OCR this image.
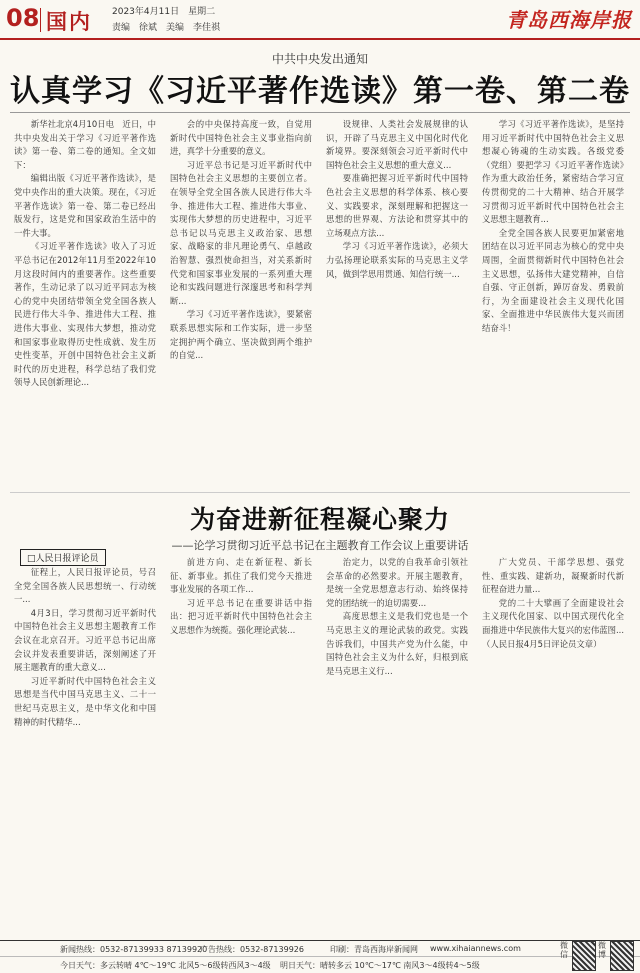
08 国内 2023年4月11日　星期二
责编　徐斌　美编　李佳祺	青岛西海岸报
中共中央发出通知
认真学习《习近平著作选读》第一卷、第二卷

新华社北京4月10日电　近日，中共中央发出关于学习《习近平著作选读》第一卷、第二卷的通知。全文如下：

编辑出版《习近平著作选读》，是党中央作出的重大决策。现在，《习近平著作选读》第一卷、第二卷已经出版发行，这是党和国家政治生活中的一件大事。

《习近平著作选读》收入了习近平总书记在2012年11月至2022年10月这段时间内的重要著作。这些重要著作，生动记录了以习近平同志为核心的党中央团结带领全党全国各族人民进行伟大斗争、推进伟大工程、推进伟大事业、实现伟大梦想，推动党和国家事业取得历史性成就、发生历史性变革，开创中国特色社会主义新时代的历史进程，科学总结了我们党领导人民创新理论...

会的中央保持高度一致，自觉用新时代中国特色社会主义事业指向前进，真学十分重要的意义。

习近平总书记是习近平新时代中国特色社会主义思想的主要创立者。在领导全党全国各族人民进行伟大斗争、推进伟大工程、推进伟大事业、实现伟大梦想的历史进程中，习近平总书记以马克思主义政治家、思想家、战略家的非凡理论勇气、卓越政治智慧、强烈使命担当，对关系新时代党和国家事业发展的一系列重大理论和实践问题进行深邃思考和科学判断...

学习《习近平著作选读》，要紧密联系思想实际和工作实际，进一步坚定拥护两个确立、坚决做到两个维护的自觉...

设规律、人类社会发展规律的认识，开辟了马克思主义中国化时代化新境界。要深刻领会习近平新时代中国特色社会主义思想的重大意义...

要准确把握习近平新时代中国特色社会主义思想的科学体系、核心要义、实践要求，深刻理解和把握这一思想的世界观、方法论和贯穿其中的立场观点方法...

学习《习近平著作选读》，必须大力弘扬理论联系实际的马克思主义学风，做到学思用贯通、知信行统一...

学习《习近平著作选读》，是坚持用习近平新时代中国特色社会主义思想凝心铸魂的生动实践。各级党委（党组）要把学习《习近平著作选读》作为重大政治任务，紧密结合学习宣传贯彻党的二十大精神、结合开展学习贯彻习近平新时代中国特色社会主义思想主题教育...

全党全国各族人民要更加紧密地团结在以习近平同志为核心的党中央周围，全面贯彻新时代中国特色社会主义思想，弘扬伟大建党精神，自信自强、守正创新，踔厉奋发、勇毅前行，为全面建设社会主义现代化国家、全面推进中华民族伟大复兴而团结奋斗！

为奋进新征程凝心聚力
——论学习贯彻习近平总书记在主题教育工作会议上重要讲话
□人民日报评论员

征程上，人民日报评论员，号召全党全国各族人民思想统一、行动统一...

4月3日，学习贯彻习近平新时代中国特色社会主义思想主题教育工作会议在北京召开。习近平总书记出席会议并发表重要讲话，深刻阐述了开展主题教育的重大意义...

习近平新时代中国特色社会主义思想是当代中国马克思主义、二十一世纪马克思主义，是中华文化和中国精神的时代精华...

前进方向、走在新征程、新长征、新事业。抓住了我们党今天推进事业发展的各项工作...

习近平总书记在重要讲话中指出：把习近平新时代中国特色社会主义思想作为统揽。强化理论武装...

治定力，以党的自我革命引领社会革命的必然要求。开展主题教育，是统一全党思想意志行动、始终保持党的团结统一的迫切需要...

高度思想主义是我们党也是一个马克思主义的理论武装的政党。实践告诉我们，中国共产党为什么能，中国特色社会主义为什么好，归根到底是马克思主义行...

广大党员、干部学思想、强党性、重实践、建新功，凝聚新时代新征程奋进力量...

党的二十大擘画了全面建设社会主义现代化国家、以中国式现代化全面推进中华民族伟大复兴的宏伟蓝图...（人民日报4月5日评论员文章）

新闻热线：0532-87139933 87139920
广告热线：0532-87139926	印刷：青岛西海岸新闻网 www.xihaiannews.com
今日天气：多云转晴 4℃～19℃ 北风5～6级转西风3～4级 明日天气：晴转多云 10℃～17℃ 南风3～4级转4～5级
微信
微博
